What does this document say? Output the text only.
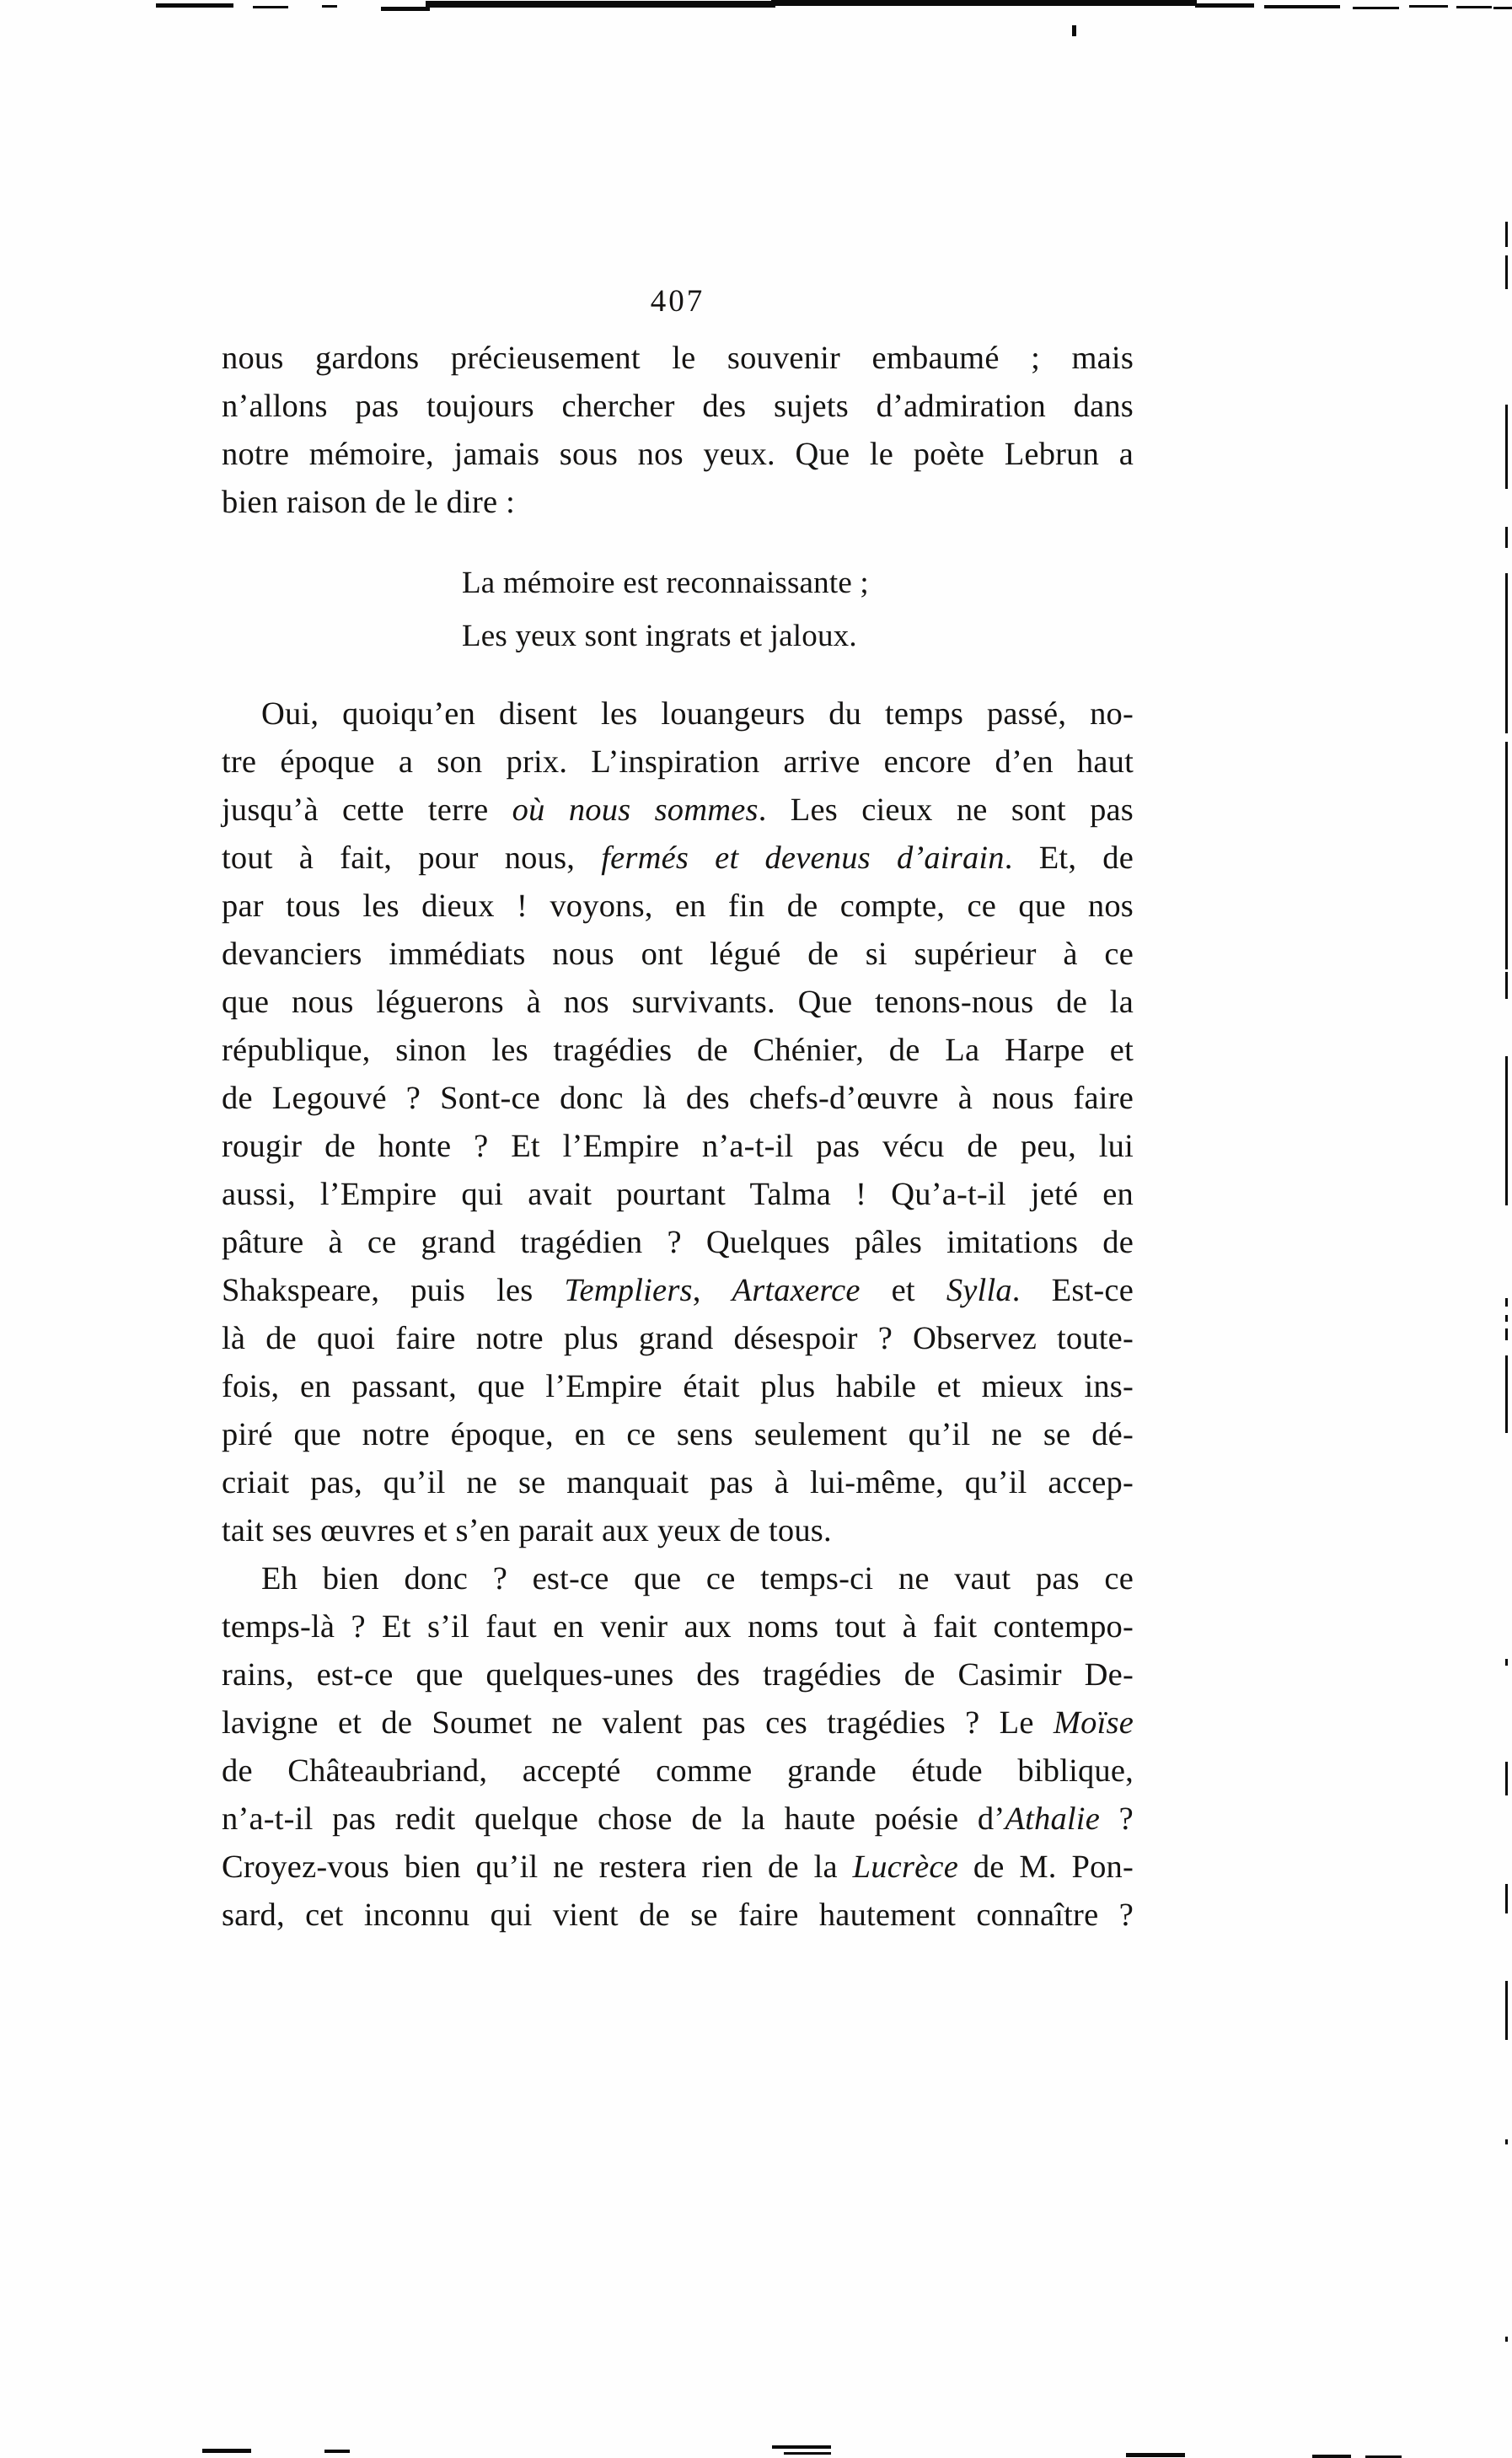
407
nous gardons précieusement le souvenir embaumé ; mais
n’allons pas toujours chercher des sujets d’admiration dans
notre mémoire, jamais sous nos yeux. Que le poète Lebrun a
bien raison de le dire :
La mémoire est reconnaissante ;
Les yeux sont ingrats et jaloux.
Oui, quoiqu’en disent les louangeurs du temps passé, no-
tre époque a son prix. L’inspiration arrive encore d’en haut
jusqu’à cette terre où nous sommes. Les cieux ne sont pas
tout à fait, pour nous, fermés et devenus d’airain. Et, de
par tous les dieux ! voyons, en fin de compte, ce que nos
devanciers immédiats nous ont légué de si supérieur à ce
que nous léguerons à nos survivants. Que tenons-nous de la
république, sinon les tragédies de Chénier, de La Harpe et
de Legouvé ? Sont-ce donc là des chefs-d’œuvre à nous faire
rougir de honte ? Et l’Empire n’a-t-il pas vécu de peu, lui
aussi, l’Empire qui avait pourtant Talma ! Qu’a-t-il jeté en
pâture à ce grand tragédien ? Quelques pâles imitations de
Shakspeare, puis les Templiers, Artaxerce et Sylla. Est-ce
là de quoi faire notre plus grand désespoir ? Observez toute-
fois, en passant, que l’Empire était plus habile et mieux ins-
piré que notre époque, en ce sens seulement qu’il ne se dé-
criait pas, qu’il ne se manquait pas à lui-même, qu’il accep-
tait ses œuvres et s’en parait aux yeux de tous.
Eh bien donc ? est-ce que ce temps-ci ne vaut pas ce
temps-là ? Et s’il faut en venir aux noms tout à fait contempo-
rains, est-ce que quelques-unes des tragédies de Casimir De-
lavigne et de Soumet ne valent pas ces tragédies ? Le Moïse
de Châteaubriand, accepté comme grande étude biblique,
n’a-t-il pas redit quelque chose de la haute poésie d’Athalie ?
Croyez-vous bien qu’il ne restera rien de la Lucrèce de M. Pon-
sard, cet inconnu qui vient de se faire hautement connaître ?
